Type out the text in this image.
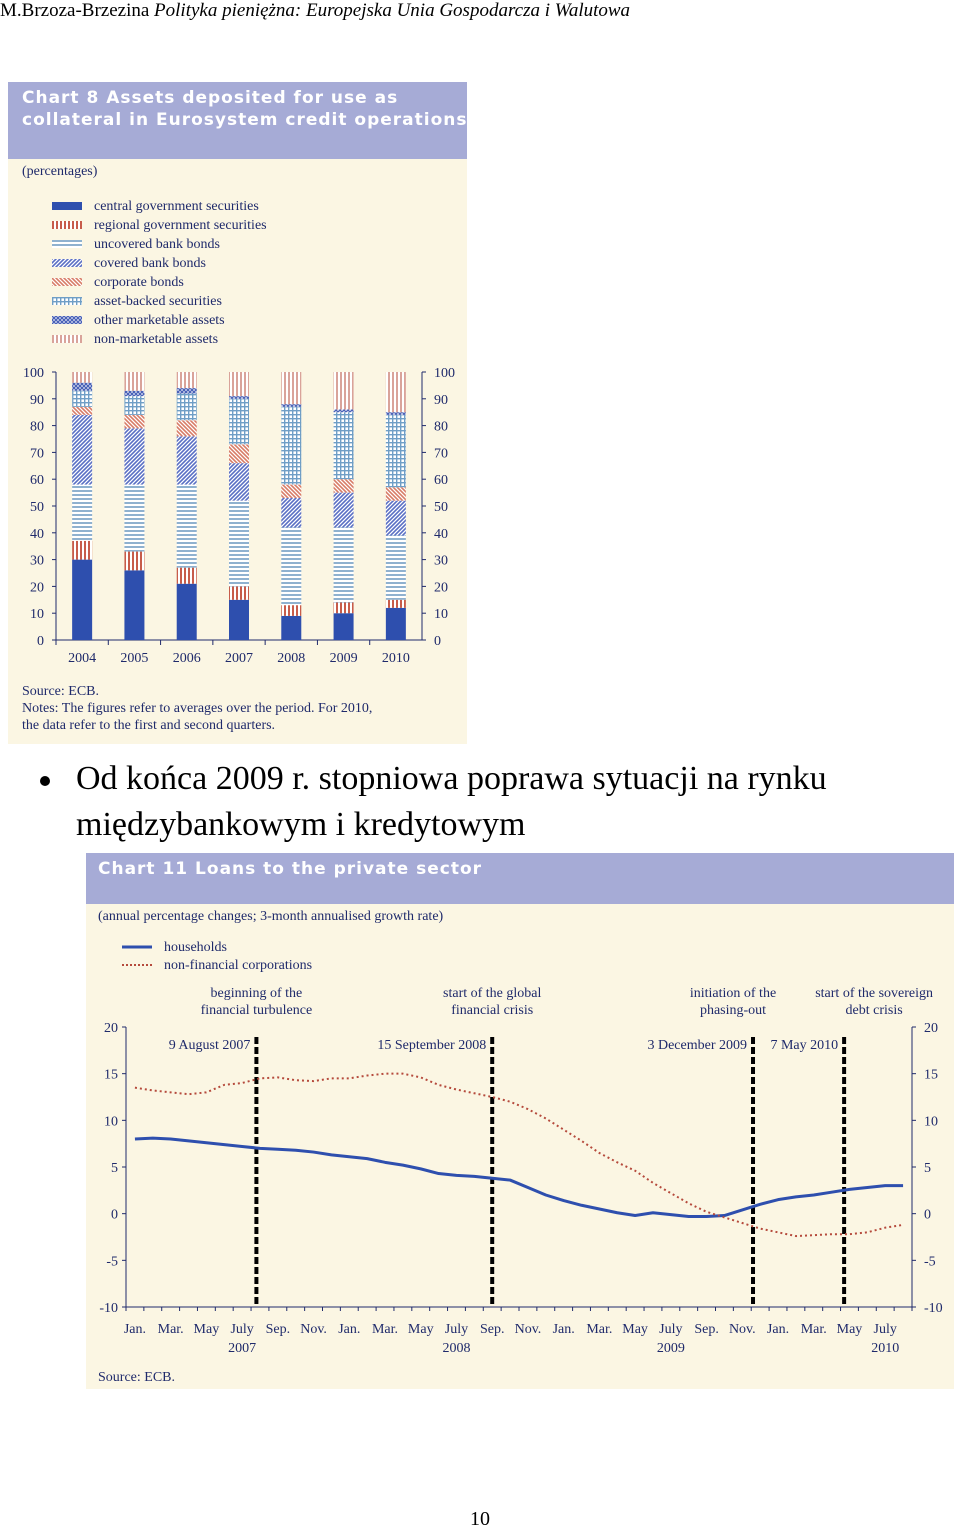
M.Brzoza-Brzezina Polityka pieniężna: Europejska Unia Gospodarcza i Walutowa
Chart 8 Assets deposited for use as
collateral in Eurosystem credit operations
(percentages)
central government securities
regional government securities
uncovered bank bonds
covered bank bonds
corporate bonds
asset-backed securities
other marketable assets
non-marketable assets
0	0
10	10
20	20
30	30
40	40
50	50
60	60
70	70
80	80
90	90
100	100
2004 2005 2006 2007 2008 2009 2010
Source: ECB.
Notes: The figures refer to averages over the period. For 2010,
the data refer to the first and second quarters.
Od końca 2009 r. stopniowa poprawa sytuacji na rynku
międzybankowym i kredytowym
Chart 11 Loans to the private sector
(annual percentage changes; 3-month annualised growth rate)
households
non-financial corporations
-10	-10
-5	-5
0	0
5	5
10	10
15	15
20	20
Jan. Mar. May July Sep. Nov. Jan. Mar. May July Sep. Nov. Jan. Mar. May July Sep. Nov. Jan. Mar. May July
2007	2008	2009	2010
beginning of the
financial turbulence
9 August 2007
start of the global
financial crisis
15 September 2008
initiation of the
phasing-out
3 December 2009
start of the sovereign
debt crisis
7 May 2010
Source: ECB.
10
